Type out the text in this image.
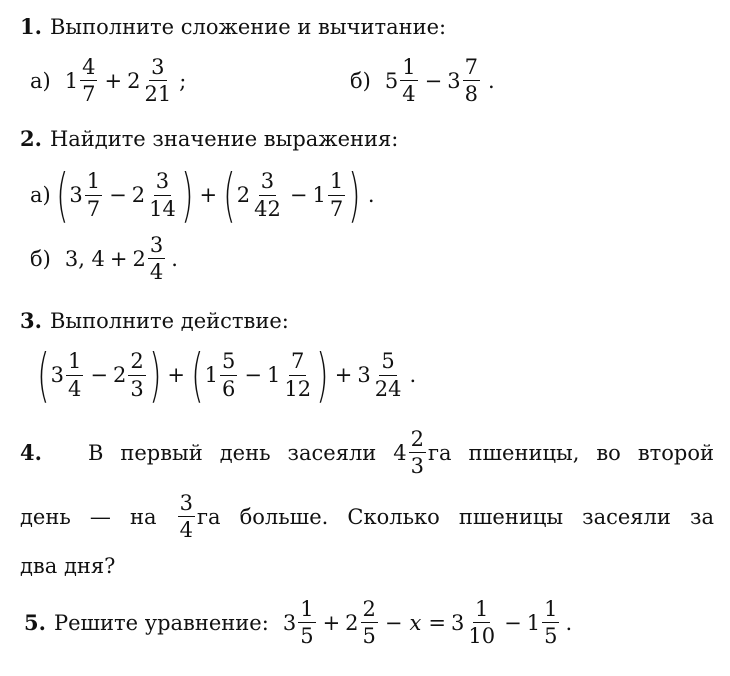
1. Выполните сложение и вычитание:
а) $1 \frac{4}{7} + 2 \frac{3}{21}$ ;	б) $5 \frac{1}{4} - 3 \frac{7}{8}$ .
2. Найдите значение выражения:
а) ( $3 \frac{1}{7} - 2 \frac{3}{14}$ ) + ( $2 \frac{3}{42} - 1 \frac{1}{7}$ ) .
б) 3, $4 + 2 \frac{3}{4}$ .
3. Выполните действие:
( $3 \frac{1}{4} - 2 \frac{2}{3}$ ) + ( $1 \frac{5}{6} - 1 \frac{7}{12}$ ) + $3 \frac{5}{24}$ .
4. В первый день засеяли $4 \frac{2}{3}$ га пшеницы, во второй
день — на $\frac{3}{4}$ га больше. Сколько пшеницы засеяли за
два дня?
5. Решите уравнение: $3 \frac{1}{5} + 2 \frac{2}{5} - x = 3 \frac{1}{10} - 1 \frac{1}{5}$ .
